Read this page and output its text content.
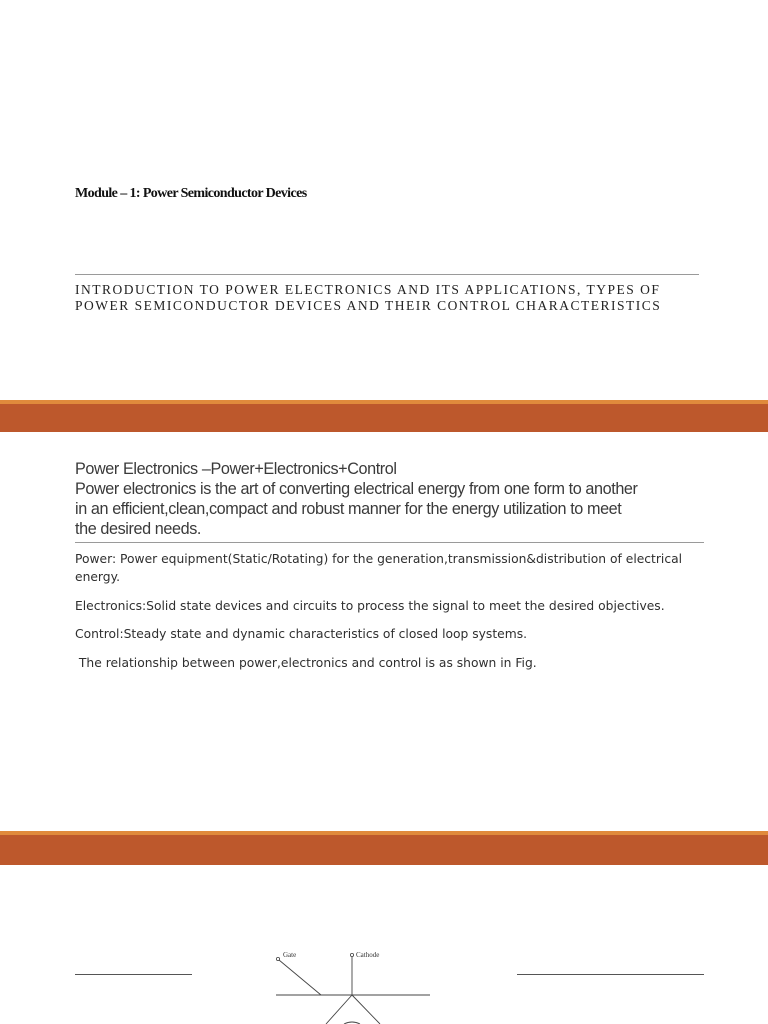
Module – 1: Power Semiconductor Devices
INTRODUCTION TO POWER ELECTRONICS AND ITS APPLICATIONS, TYPES OF POWER SEMICONDUCTOR DEVICES AND THEIR CONTROL CHARACTERISTICS
Power Electronics –Power+Electronics+Control
Power electronics is the art of converting electrical energy from one form to another
in an efficient,clean,compact and robust manner for the energy utilization to meet
the desired needs.
Power: Power equipment(Static/Rotating) for the generation,transmission&distribution of electrical energy.
Electronics:Solid state devices and circuits to process the signal to meet the desired objectives.
Control:Steady state and dynamic characteristics of closed loop systems.
The relationship between power,electronics and control is as shown in Fig.
Gate	Cathode
